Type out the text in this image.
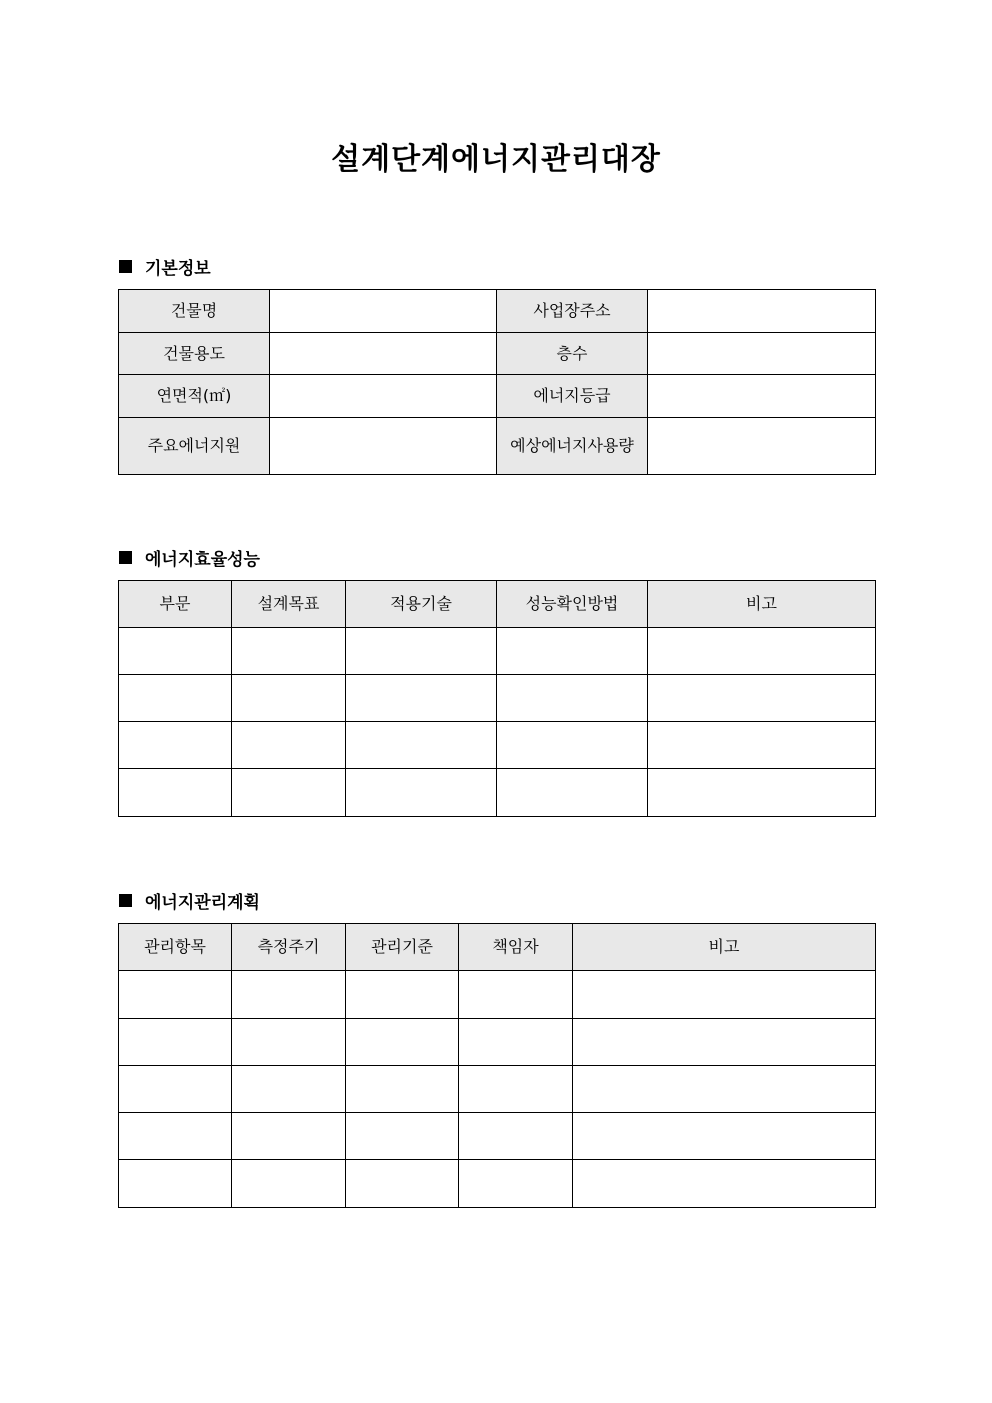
설계단계에너지관리대장
기본정보
건물명		사업장주소	
건물용도		층수	
연면적(㎡)		에너지등급	
주요에너지원		예상에너지사용량	
에너지효율성능
부문	설계목표	적용기술	성능확인방법	비고

에너지관리계획
관리항목	측정주기	관리기준	책임자	비고
